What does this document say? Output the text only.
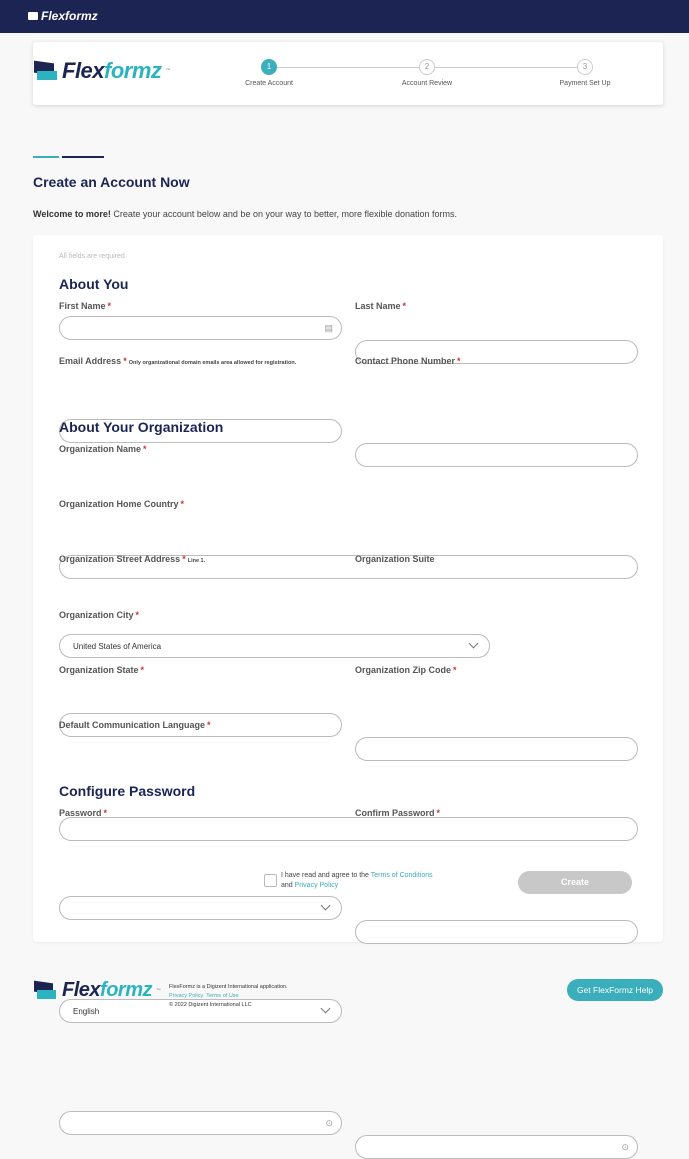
Flex formz
Flex formz ™	1	2	3
Create Account	Account Review	Payment Set Up
Create an Account Now

Welcome to more! Create your account below and be on your way to better, more flexible donation forms.

All fields are required
About You
First Name *
▤
Last Name *
Email Address * Only organizational domain emails area allowed for registration.	Contact Phone Number *
About Your Organization
Organization Name *
Organization Home Country *
United States of America
Organization Street Address * Line 1.	Organization Suite
Organization City *
Organization State *	Organization Zip Code *
Default Communication Language *
English
Configure Password
Password *
⊙
Confirm Password *
⊙
I have read and agree to the Terms of Conditions
and Privacy Policy	Create
Flex formz ™
FlexFormz is a Digizent International application.
Privacy Policy Terms of Use
© 2022 Digizent International LLC
Get FlexFormz Help
